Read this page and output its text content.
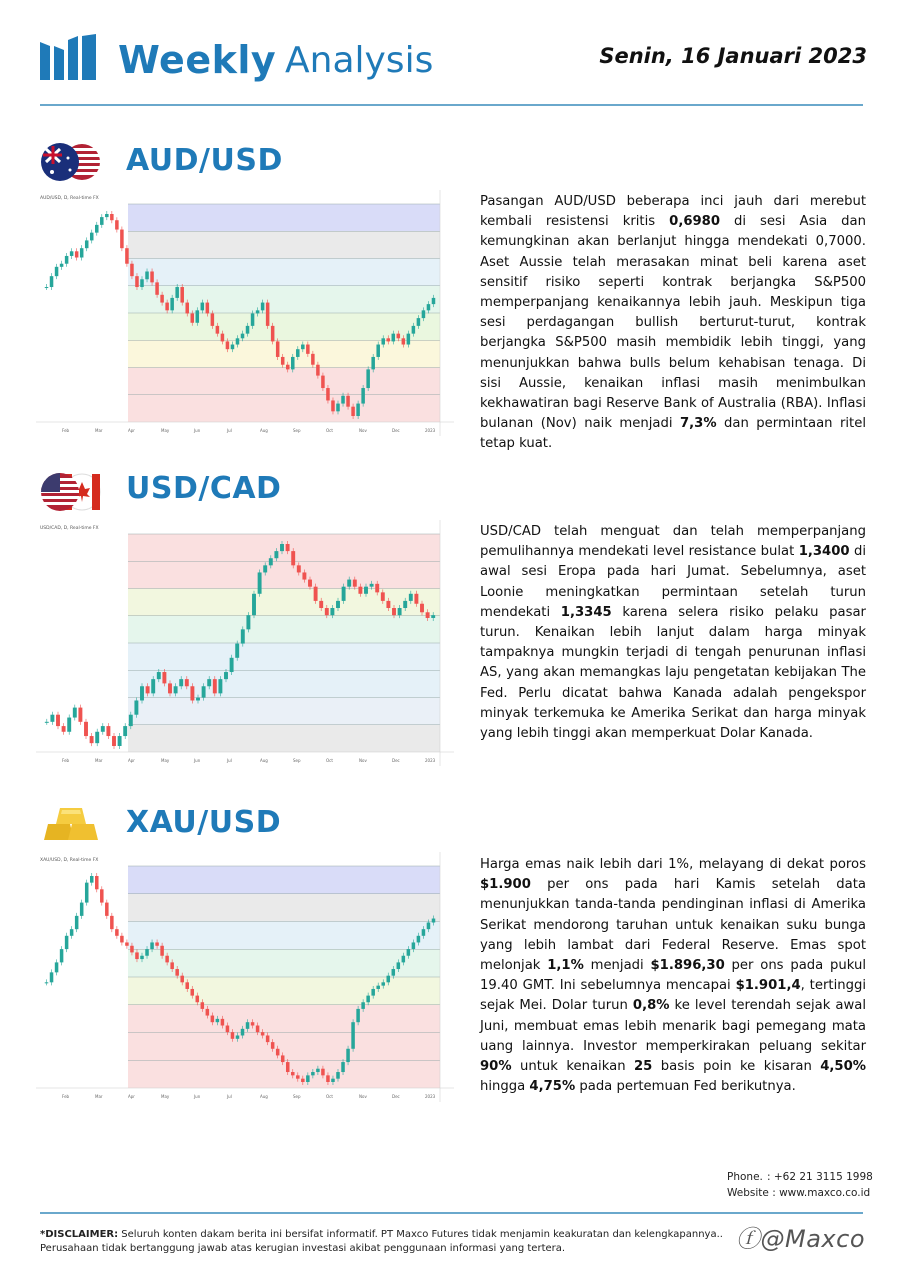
Weekly Analysis	Senin, 16 Januari 2023
AUD/USD
AUD/USD, D, Real-time FX
Feb	Mar	Apr	May	Jun	Jul	Aug	Sep	Oct	Nov	Dec	2023
Pasangan AUD/USD beberapa inci jauh dari merebut kembali resistensi kritis 0,6980 di sesi Asia dan kemungkinan akan berlanjut hingga mendekati 0,7000. Aset Aussie telah merasakan minat beli karena aset sensitif risiko seperti kontrak berjangka S&P500 memperpanjang kenaikannya lebih jauh. Meskipun tiga sesi perdagangan bullish berturut-turut, kontrak berjangka S&P500 masih membidik lebih tinggi, yang menunjukkan bahwa bulls belum kehabisan tenaga. Di sisi Aussie, kenaikan inflasi masih menimbulkan kekhawatiran bagi Reserve Bank of Australia (RBA). Inflasi bulanan (Nov) naik menjadi 7,3% dan permintaan ritel tetap kuat.
USD/CAD
USD/CAD, D, Real-time FX
Feb	Mar	Apr	May	Jun	Jul	Aug	Sep	Oct	Nov	Dec	2023
USD/CAD telah menguat dan telah memperpanjang pemulihannya mendekati level resistance bulat 1,3400 di awal sesi Eropa pada hari Jumat. Sebelumnya, aset Loonie meningkatkan permintaan setelah turun mendekati 1,3345 karena selera risiko pelaku pasar turun. Kenaikan lebih lanjut dalam harga minyak tampaknya mungkin terjadi di tengah penurunan inflasi AS, yang akan memangkas laju pengetatan kebijakan The Fed. Perlu dicatat bahwa Kanada adalah pengekspor minyak terkemuka ke Amerika Serikat dan harga minyak yang lebih tinggi akan memperkuat Dolar Kanada.
XAU/USD
XAU/USD, D, Real-time FX
Feb	Mar	Apr	May	Jun	Jul	Aug	Sep	Oct	Nov	Dec	2023
Harga emas naik lebih dari 1%, melayang di dekat poros $1.900 per ons pada hari Kamis setelah data menunjukkan tanda-tanda pendinginan inflasi di Amerika Serikat mendorong taruhan untuk kenaikan suku bunga yang lebih lambat dari Federal Reserve. Emas spot melonjak 1,1% menjadi $1.896,30 per ons pada pukul 19.40 GMT. Ini sebelumnya mencapai $1.901,4, tertinggi sejak Mei. Dolar turun 0,8% ke level terendah sejak awal Juni, membuat emas lebih menarik bagi pemegang mata uang lainnya. Investor memperkirakan peluang sekitar 90% untuk kenaikan 25 basis poin ke kisaran 4,50% hingga 4,75% pada pertemuan Fed berikutnya.
Phone. : +62 21 3115 1998
Website : www.maxco.co.id
*DISCLAIMER: Seluruh konten dakam berita ini bersifat informatif. PT Maxco Futures tidak menjamin keakuratan dan kelengkapannya.. Perusahaan tidak bertanggung jawab atas kerugian investasi akibat penggunaan informasi yang tertera.	ⓕ@Maxco
